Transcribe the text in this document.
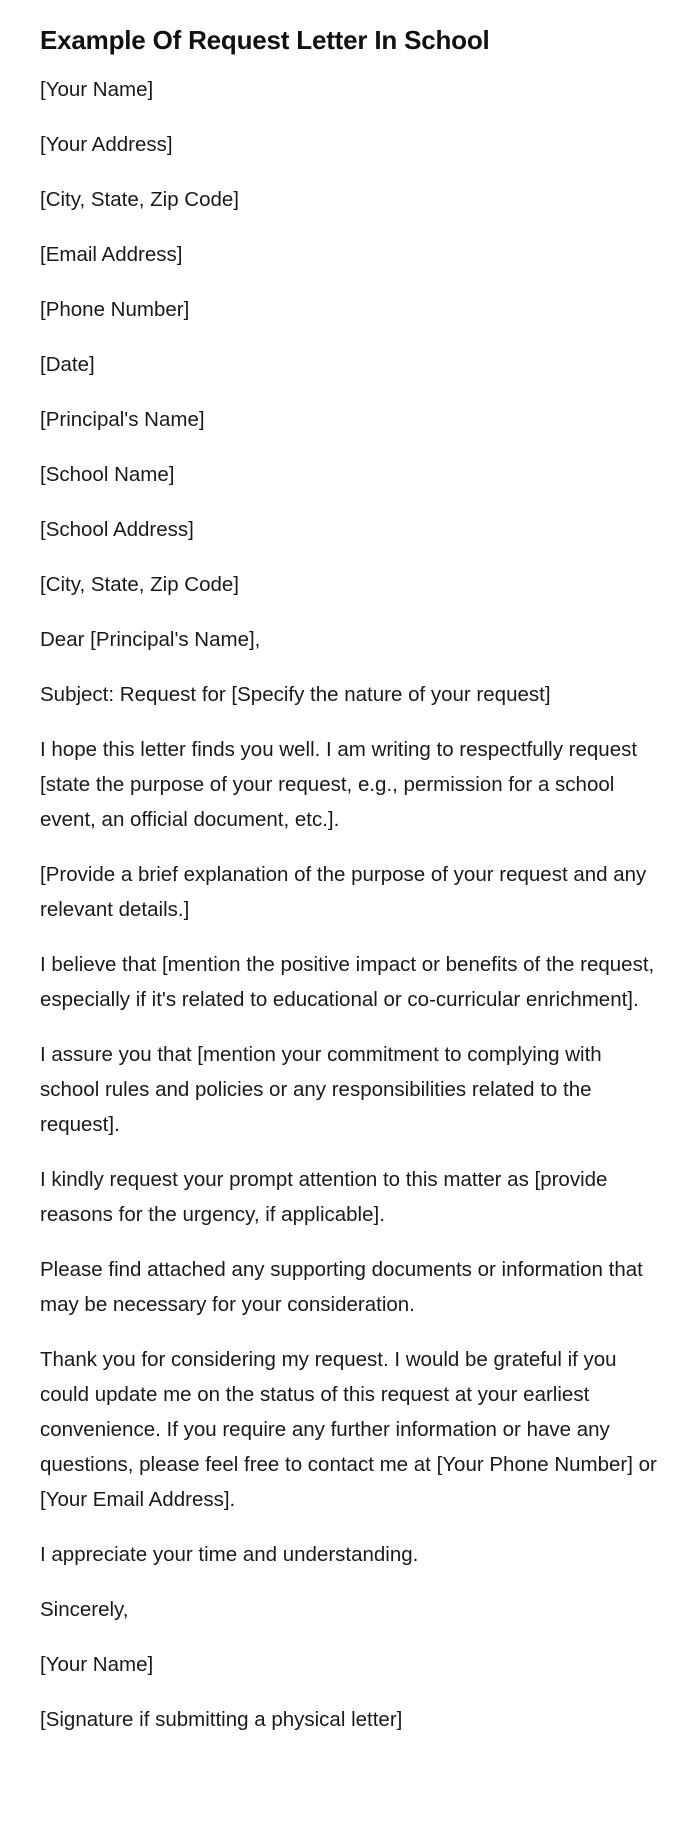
Example Of Request Letter In School

[Your Name]

[Your Address]

[City, State, Zip Code]

[Email Address]

[Phone Number]

[Date]

[Principal's Name]

[School Name]

[School Address]

[City, State, Zip Code]

Dear [Principal's Name],

Subject: Request for [Specify the nature of your request]

I hope this letter finds you well. I am writing to respectfully request [state the purpose of your request, e.g., permission for a school event, an official document, etc.].

[Provide a brief explanation of the purpose of your request and any relevant details.]

I believe that [mention the positive impact or benefits of the request, especially if it's related to educational or co-curricular enrichment].

I assure you that [mention your commitment to complying with school rules and policies or any responsibilities related to the request].

I kindly request your prompt attention to this matter as [provide reasons for the urgency, if applicable].

Please find attached any supporting documents or information that may be necessary for your consideration.

Thank you for considering my request. I would be grateful if you could update me on the status of this request at your earliest convenience. If you require any further information or have any questions, please feel free to contact me at [Your Phone Number] or [Your Email Address].

I appreciate your time and understanding.

Sincerely,

[Your Name]

[Signature if submitting a physical letter]
